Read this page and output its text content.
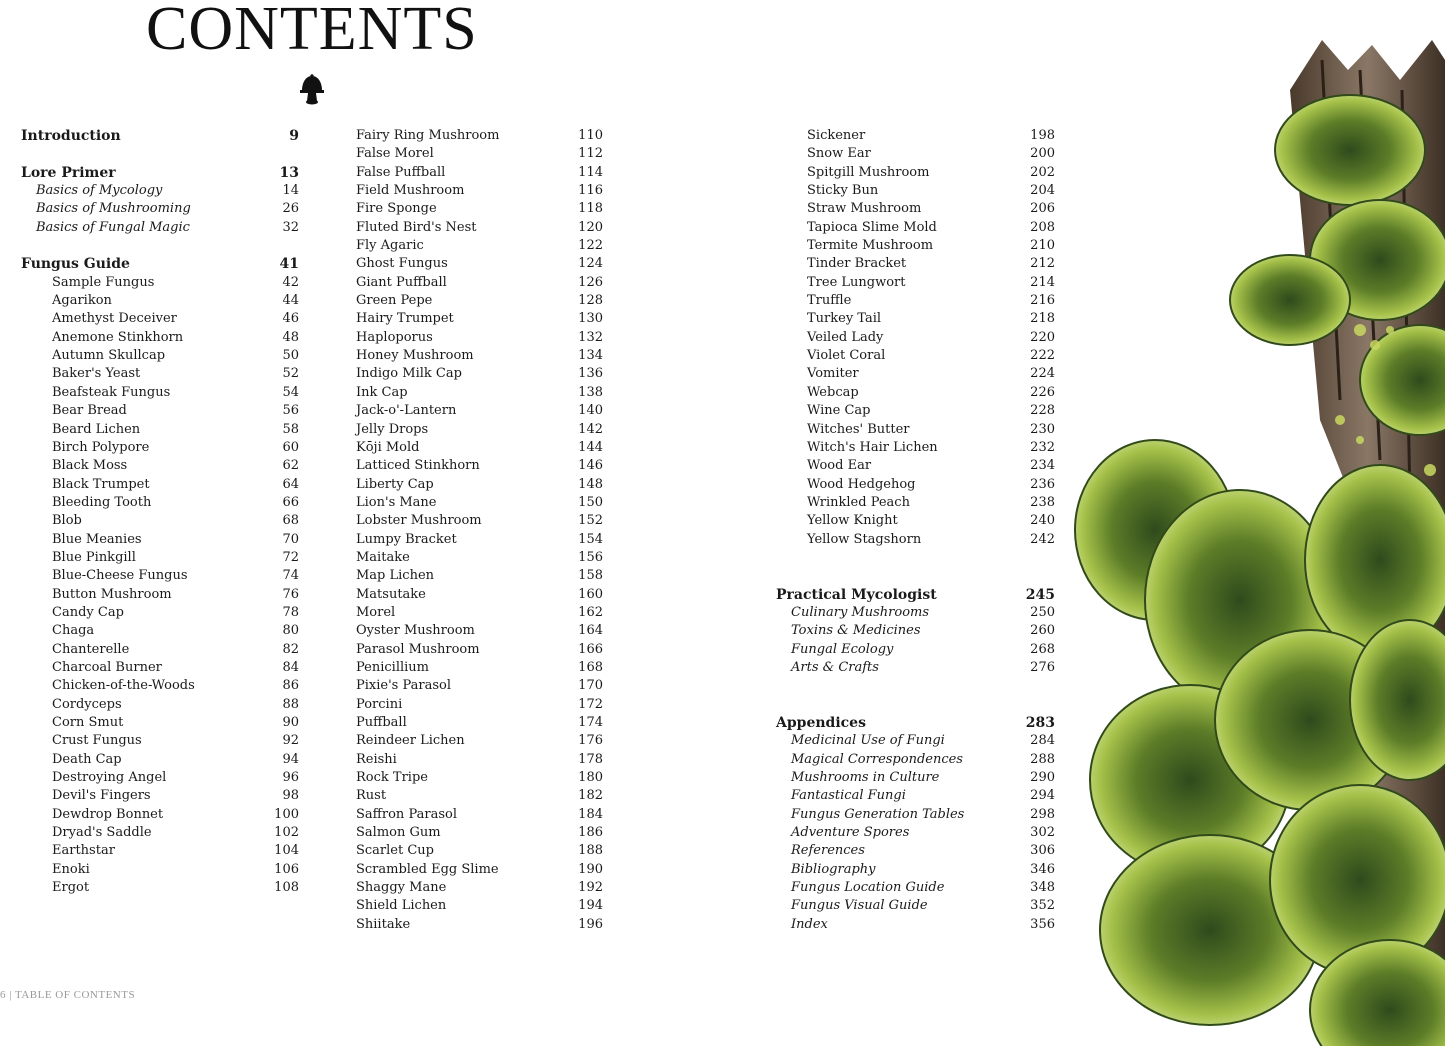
CONTENTS
Introduction	9
Lore Primer	13
Basics of Mycology	14
Basics of Mushrooming	26
Basics of Fungal Magic	32
Fungus Guide	41
Sample Fungus	42
Agarikon	44
Amethyst Deceiver	46
Anemone Stinkhorn	48
Autumn Skullcap	50
Baker's Yeast	52
Beafsteak Fungus	54
Bear Bread	56
Beard Lichen	58
Birch Polypore	60
Black Moss	62
Black Trumpet	64
Bleeding Tooth	66
Blob	68
Blue Meanies	70
Blue Pinkgill	72
Blue-Cheese Fungus	74
Button Mushroom	76
Candy Cap	78
Chaga	80
Chanterelle	82
Charcoal Burner	84
Chicken-of-the-Woods	86
Cordyceps	88
Corn Smut	90
Crust Fungus	92
Death Cap	94
Destroying Angel	96
Devil's Fingers	98
Dewdrop Bonnet	100
Dryad's Saddle	102
Earthstar	104
Enoki	106
Ergot	108
Fairy Ring Mushroom	110
False Morel	112
False Puffball	114
Field Mushroom	116
Fire Sponge	118
Fluted Bird's Nest	120
Fly Agaric	122
Ghost Fungus	124
Giant Puffball	126
Green Pepe	128
Hairy Trumpet	130
Haploporus	132
Honey Mushroom	134
Indigo Milk Cap	136
Ink Cap	138
Jack-o'-Lantern	140
Jelly Drops	142
Kōji Mold	144
Latticed Stinkhorn	146
Liberty Cap	148
Lion's Mane	150
Lobster Mushroom	152
Lumpy Bracket	154
Maitake	156
Map Lichen	158
Matsutake	160
Morel	162
Oyster Mushroom	164
Parasol Mushroom	166
Penicillium	168
Pixie's Parasol	170
Porcini	172
Puffball	174
Reindeer Lichen	176
Reishi	178
Rock Tripe	180
Rust	182
Saffron Parasol	184
Salmon Gum	186
Scarlet Cup	188
Scrambled Egg Slime	190
Shaggy Mane	192
Shield Lichen	194
Shiitake	196
Sickener	198
Snow Ear	200
Spitgill Mushroom	202
Sticky Bun	204
Straw Mushroom	206
Tapioca Slime Mold	208
Termite Mushroom	210
Tinder Bracket	212
Tree Lungwort	214
Truffle	216
Turkey Tail	218
Veiled Lady	220
Violet Coral	222
Vomiter	224
Webcap	226
Wine Cap	228
Witches' Butter	230
Witch's Hair Lichen	232
Wood Ear	234
Wood Hedgehog	236
Wrinkled Peach	238
Yellow Knight	240
Yellow Stagshorn	242
Practical Mycologist	245
Culinary Mushrooms	250
Toxins & Medicines	260
Fungal Ecology	268
Arts & Crafts	276
Appendices	283
Medicinal Use of Fungi	284
Magical Correspondences	288
Mushrooms in Culture	290
Fantastical Fungi	294
Fungus Generation Tables	298
Adventure Spores	302
References	306
Bibliography	346
Fungus Location Guide	348
Fungus Visual Guide	352
Index	356
6 | TABLE OF CONTENTS
